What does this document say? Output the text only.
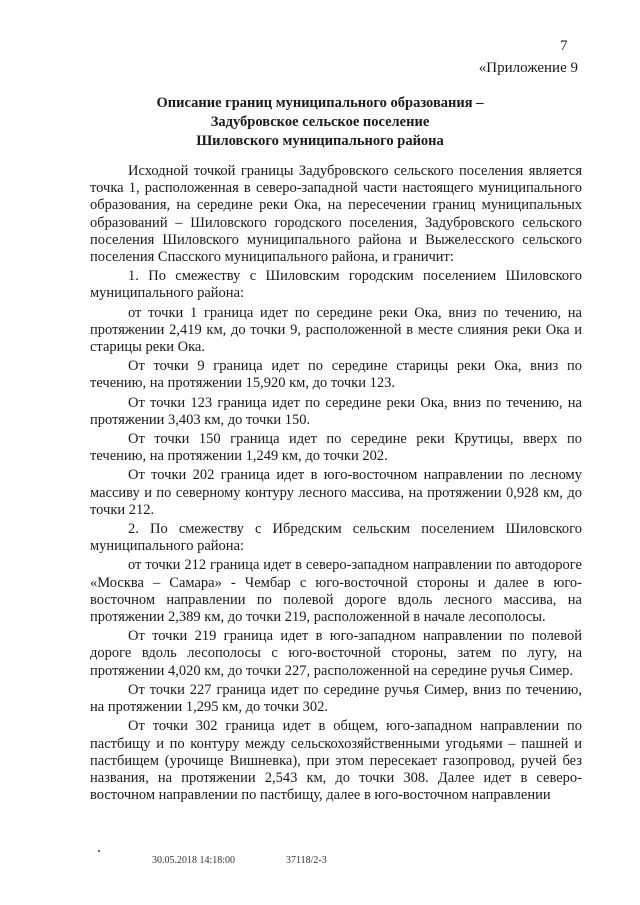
7
«Приложение 9
Описание границ муниципального образования –
Задубровское сельское поселение
Шиловского муниципального района

Исходной точкой границы Задубровского сельского поселения является точка 1, расположенная в северо-западной части настоящего муниципального образования, на середине реки Ока, на пересечении границ муниципальных образований – Шиловского городского поселения, Задубровского сельского поселения Шиловского муниципального района и Выжелесского сельского поселения Спасского муниципального района, и граничит:

1. По смежеству с Шиловским городским поселением Шиловского муниципального района:

от точки 1 граница идет по середине реки Ока, вниз по течению, на протяжении 2,419 км, до точки 9, расположенной в месте слияния реки Ока и старицы реки Ока.

От точки 9 граница идет по середине старицы реки Ока, вниз по течению, на протяжении 15,920 км, до точки 123.

От точки 123 граница идет по середине реки Ока, вниз по течению, на протяжении 3,403 км, до точки 150.

От точки 150 граница идет по середине реки Крутицы, вверх по течению, на протяжении 1,249 км, до точки 202.

От точки 202 граница идет в юго-восточном направлении по лесному массиву и по северному контуру лесного массива, на протяжении 0,928 км, до точки 212.

2. По смежеству с Ибредским сельским поселением Шиловского муниципального района:

от точки 212 граница идет в северо-западном направлении по автодороге «Москва – Самара» - Чембар с юго-восточной стороны и далее в юго-восточном направлении по полевой дороге вдоль лесного массива, на протяжении 2,389 км, до точки 219, расположенной в начале лесополосы.

От точки 219 граница идет в юго-западном направлении по полевой дороге вдоль лесополосы с юго-восточной стороны, затем по лугу, на протяжении 4,020 км, до точки 227, расположенной на середине ручья Симер.

От точки 227 граница идет по середине ручья Симер, вниз по течению, на протяжении 1,295 км, до точки 302.

От точки 302 граница идет в общем, юго-западном направлении по пастбищу и по контуру между сельскохозяйственными угодьями – пашней и пастбищем (урочище Вишневка), при этом пересекает газопровод, ручей без названия, на протяжении 2,543 км, до точки 308. Далее идет в северо-восточном направлении по пастбищу, далее в юго-восточном направлении

30.05.2018 14:18:00	37118/2-3
